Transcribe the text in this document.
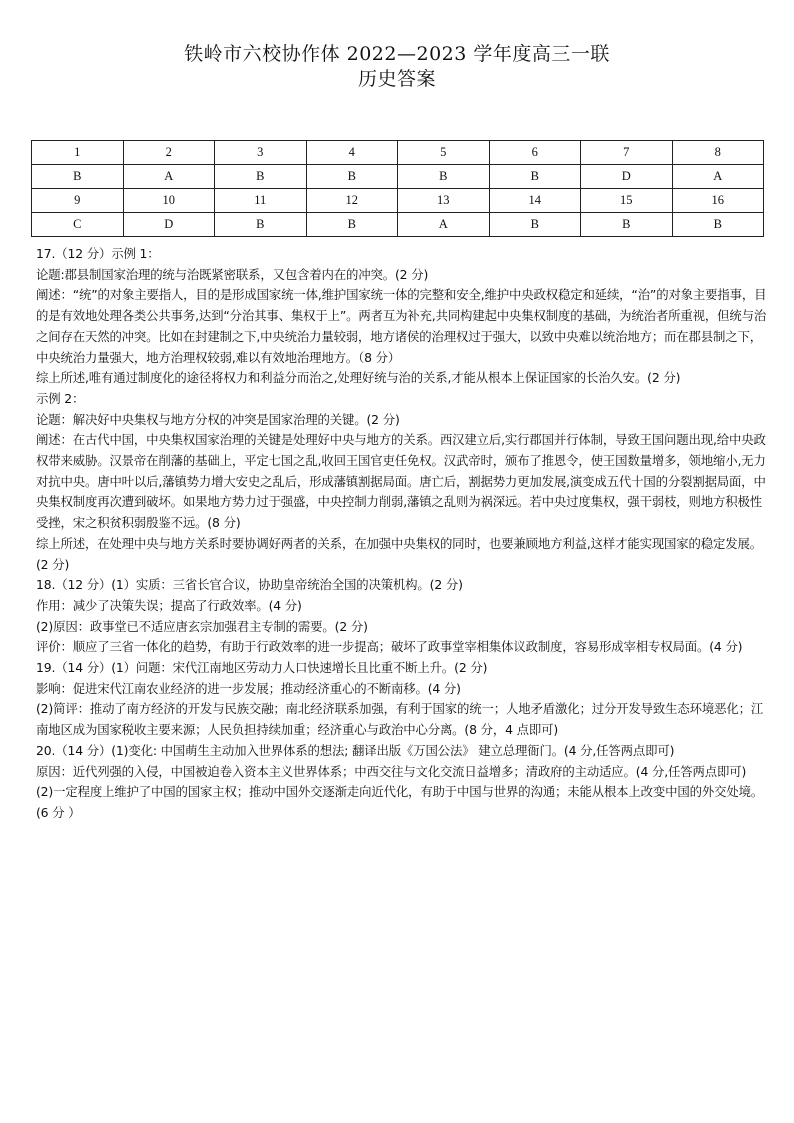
铁岭市六校协作体 2022—2023 学年度高三一联
历史答案
1	2	3	4	5	6	7	8
B	A	B	B	B	B	D	A
9	10	11	12	13	14	15	16
C	D	B	B	A	B	B	B

17.（12 分）示例 1：

论题:郡县制国家治理的统与治既紧密联系，又包含着内在的冲突。(2 分)

阐述：“统”的对象主要指人，目的是形成国家统一体,维护国家统一体的完整和安全,维护中央政权稳定和延续，“治”的对象主要指事，目的是有效地处理各类公共事务,达到“分治其事、集权于上”。两者互为补充,共同构建起中央集权制度的基础，为统治者所重视，但统与治之间存在天然的冲突。比如在封建制之下,中央统治力量较弱，地方诸侯的治理权过于强大，以致中央难以统治地方；而在郡县制之下，中央统治力量强大，地方治理权较弱,难以有效地治理地方。（8 分）

综上所述,唯有通过制度化的途径将权力和利益分而治之,处理好统与治的关系,才能从根本上保证国家的长治久安。(2 分)

示例 2：

论题：解决好中央集权与地方分权的冲突是国家治理的关键。(2 分)

阐述：在古代中国，中央集权国家治理的关键是处理好中央与地方的关系。西汉建立后,实行郡国并行体制，导致王国问题出现,给中央政权带来威胁。汉景帝在削藩的基础上，平定七国之乱,收回王国官吏任免权。汉武帝时，颁布了推恩令，使王国数量增多，领地缩小,无力对抗中央。唐中叶以后,藩镇势力增大安史之乱后，形成藩镇割据局面。唐亡后，割据势力更加发展,演变成五代十国的分裂割据局面，中央集权制度再次遭到破坏。如果地方势力过于强盛，中央控制力削弱,藩镇之乱则为祸深远。若中央过度集权，强干弱枝，则地方积极性受挫，宋之积贫积弱殷鉴不远。(8 分)

综上所述，在处理中央与地方关系时要协调好两者的关系，在加强中央集权的同时，也要兼顾地方利益,这样才能实现国家的稳定发展。(2 分)

18.（12 分）(1）实质：三省长官合议，协助皇帝统治全国的决策机构。(2 分)

作用：减少了决策失误；提高了行政效率。(4 分)

(2)原因：政事堂已不适应唐玄宗加强君主专制的需要。(2 分)

评价：顺应了三省一体化的趋势，有助于行政效率的进一步提高；破坏了政事堂宰相集体议政制度，容易形成宰相专权局面。(4 分)

19.（14 分）(1）问题：宋代江南地区劳动力人口快速增长且比重不断上升。(2 分)

影响：促进宋代江南农业经济的进一步发展；推动经济重心的不断南移。(4 分)

(2)简评：推动了南方经济的开发与民族交融；南北经济联系加强，有利于国家的统一；人地矛盾激化；过分开发导致生态环境恶化；江南地区成为国家税收主要来源；人民负担持续加重；经济重心与政治中心分离。(8 分，4 点即可)

20.（14 分）(1)变化: 中国萌生主动加入世界体系的想法; 翻译出版《万国公法》 建立总理衙门。(4 分,任答两点即可)

原因：近代列强的入侵，中国被迫卷入资本主义世界体系；中西交往与文化交流日益增多；清政府的主动适应。(4 分,任答两点即可)

(2)一定程度上维护了中国的国家主权；推动中国外交逐渐走向近代化，有助于中国与世界的沟通；未能从根本上改变中国的外交处境。(6 分 ）
